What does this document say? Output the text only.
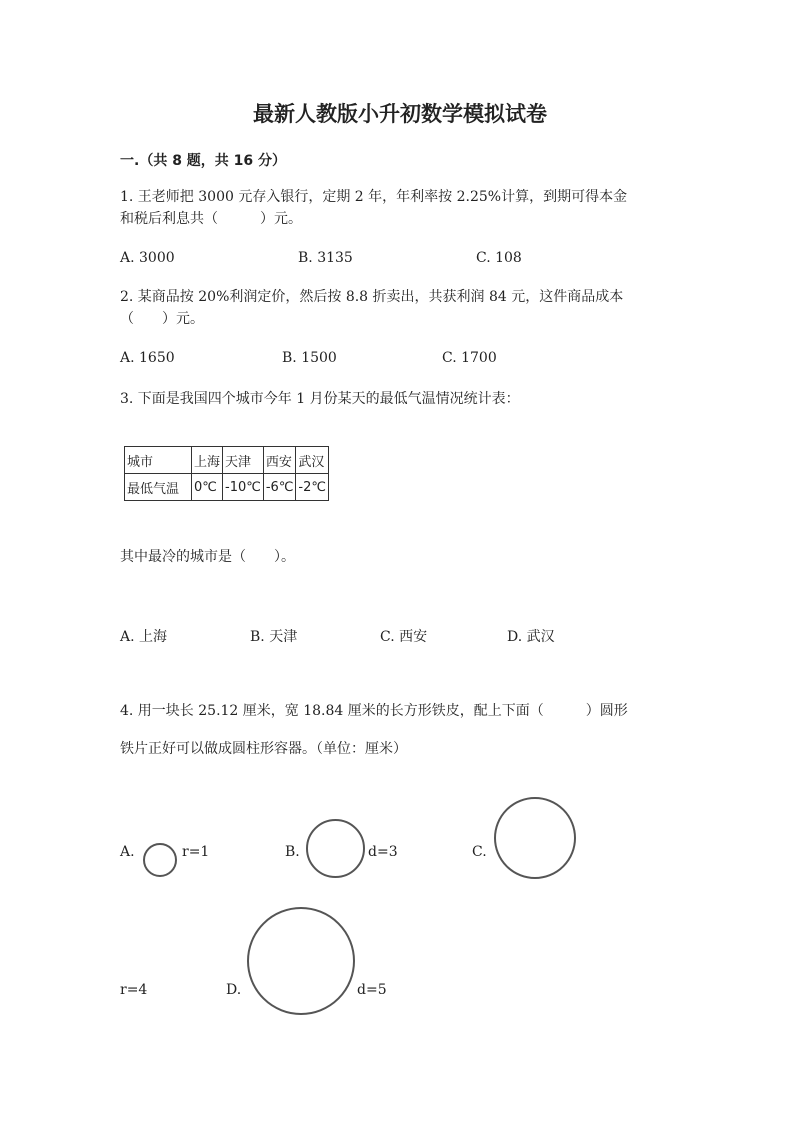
最新人教版小升初数学模拟试卷
一.（共 8 题，共 16 分）
1. 王老师把 3000 元存入银行，定期 2 年，年利率按 2.25%计算，到期可得本金
和税后利息共（　　　）元。
A. 3000	B. 3135	C. 108
2. 某商品按 20%利润定价，然后按 8.8 折卖出，共获利润 84 元，这件商品成本
（　　）元。
A. 1650	B. 1500	C. 1700
3. 下面是我国四个城市今年 1 月份某天的最低气温情况统计表：
城市	上海	天津	西安	武汉
最低气温	0℃	-10℃	-6℃	-2℃
其中最冷的城市是（　　）。
A. 上海	B. 天津	C. 西安	D. 武汉
4. 用一块长 25.12 厘米，宽 18.84 厘米的长方形铁皮，配上下面（　　　）圆形
铁片正好可以做成圆柱形容器。（单位：厘米）
A.	r=1	B.	d=3	C.
r=4	D.	d=5
